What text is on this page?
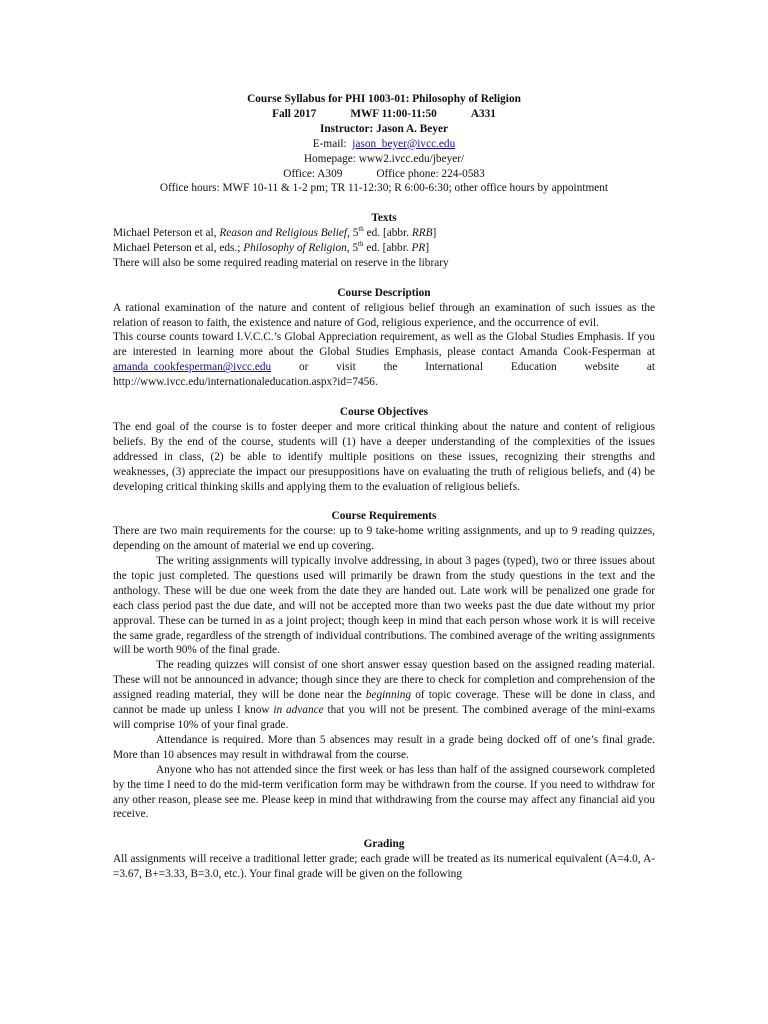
Course Syllabus for PHI 1003-01: Philosophy of Religion
Fall 2017	MWF 11:00-11:50	A331
Instructor: Jason A. Beyer
E-mail: jason_beyer@ivcc.edu
Homepage: www2.ivcc.edu/jbeyer/
Office: A309	Office phone: 224-0583
Office hours: MWF 10-11 & 1-2 pm; TR 11-12:30; R 6:00-6:30; other office hours by appointment
Texts
Michael Peterson et al, Reason and Religious Belief, 5th ed. [abbr. RRB]
Michael Peterson et al, eds.; Philosophy of Religion, 5th ed. [abbr. PR]
There will also be some required reading material on reserve in the library
Course Description

A rational examination of the nature and content of religious belief through an examination of such issues as the relation of reason to faith, the existence and nature of God, religious experience, and the occurrence of evil.

This course counts toward I.V.C.C.’s Global Appreciation requirement, as well as the Global Studies Emphasis. If you are interested in learning more about the Global Studies Emphasis, please contact Amanda Cook-Fesperman at amanda_cookfesperman@ivcc.edu or visit the International Education website at http://www.ivcc.edu/internationaleducation.aspx?id=7456.

Course Objectives

The end goal of the course is to foster deeper and more critical thinking about the nature and content of religious beliefs. By the end of the course, students will (1) have a deeper understanding of the complexities of the issues addressed in class, (2) be able to identify multiple positions on these issues, recognizing their strengths and weaknesses, (3) appreciate the impact our presuppositions have on evaluating the truth of religious beliefs, and (4) be developing critical thinking skills and applying them to the evaluation of religious beliefs.

Course Requirements

There are two main requirements for the course: up to 9 take-home writing assignments, and up to 9 reading quizzes, depending on the amount of material we end up covering.

The writing assignments will typically involve addressing, in about 3 pages (typed), two or three issues about the topic just completed. The questions used will primarily be drawn from the study questions in the text and the anthology. These will be due one week from the date they are handed out. Late work will be penalized one grade for each class period past the due date, and will not be accepted more than two weeks past the due date without my prior approval. These can be turned in as a joint project; though keep in mind that each person whose work it is will receive the same grade, regardless of the strength of individual contributions. The combined average of the writing assignments will be worth 90% of the final grade.

The reading quizzes will consist of one short answer essay question based on the assigned reading material. These will not be announced in advance; though since they are there to check for completion and comprehension of the assigned reading material, they will be done near the beginning of topic coverage. These will be done in class, and cannot be made up unless I know in advance that you will not be present. The combined average of the mini-exams will comprise 10% of your final grade.

Attendance is required. More than 5 absences may result in a grade being docked off of one’s final grade. More than 10 absences may result in withdrawal from the course.

Anyone who has not attended since the first week or has less than half of the assigned coursework completed by the time I need to do the mid-term verification form may be withdrawn from the course. If you need to withdraw for any other reason, please see me. Please keep in mind that withdrawing from the course may affect any financial aid you receive.

Grading

All assignments will receive a traditional letter grade; each grade will be treated as its numerical equivalent (A=4.0, A-=3.67, B+=3.33, B=3.0, etc.). Your final grade will be given on the following
